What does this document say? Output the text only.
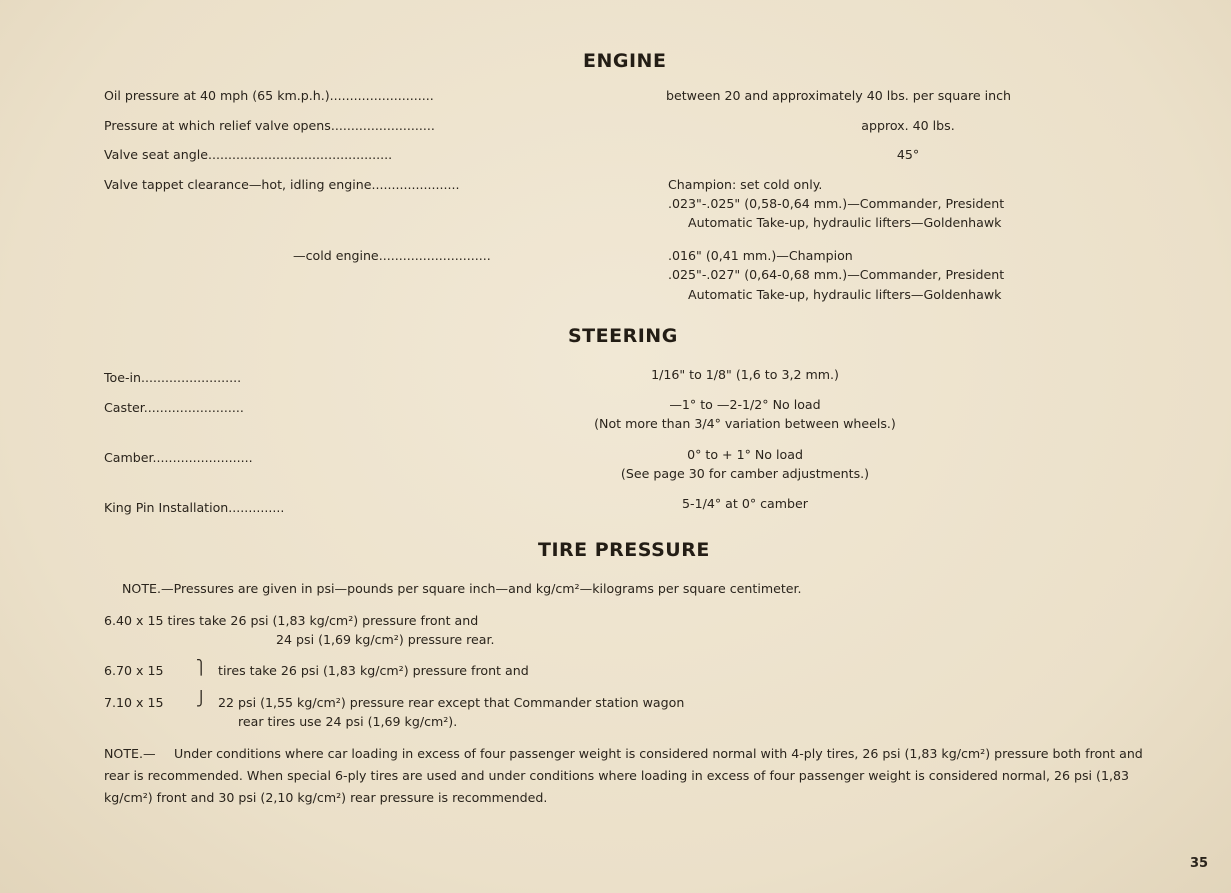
ENGINE
Oil pressure at 40 mph (65 km.p.h.)..........................	between 20 and approximately 40 lbs. per square inch
Pressure at which relief valve opens..........................	approx. 40 lbs.
Valve seat angle..............................................	45°
Valve tappet clearance—hot, idling engine......................	Champion: set cold only.
.023"-.025" (0,58-0,64 mm.)—Commander, President
Automatic Take-up, hydraulic lifters—Goldenhawk
—cold engine............................	.016" (0,41 mm.)—Champion
.025"-.027" (0,64-0,68 mm.)—Commander, President
Automatic Take-up, hydraulic lifters—Goldenhawk
STEERING
Toe-in.........................	1/16" to 1/8" (1,6 to 3,2 mm.)
Caster.........................	—1° to —2-1/2° No load
(Not more than 3/4° variation between wheels.)
Camber.........................	0° to + 1° No load
(See page 30 for camber adjustments.)
King Pin Installation..............	5-1/4° at 0° camber
TIRE PRESSURE
NOTE.—Pressures are given in psi—pounds per square inch—and kg/cm²—kilograms per square centimeter.
6.40 x 15 tires take 26 psi (1,83 kg/cm²) pressure front and
24 psi (1,69 kg/cm²) pressure rear.
6.70 x 15 ⎫ tires take 26 psi (1,83 kg/cm²) pressure front and
7.10 x 15 ⎭ 22 psi (1,55 kg/cm²) pressure rear except that Commander station wagon
rear tires use 24 psi (1,69 kg/cm²).
NOTE.—	Under conditions where car loading in excess of four passenger weight is considered normal with 4-ply tires, 26 psi (1,83 kg/cm²) pressure both front and rear is recommended. When special 6-ply tires are used and under conditions where loading in excess of four passenger weight is considered normal, 26 psi (1,83 kg/cm²) front and 30 psi (2,10 kg/cm²) rear pressure is recommended.
35
